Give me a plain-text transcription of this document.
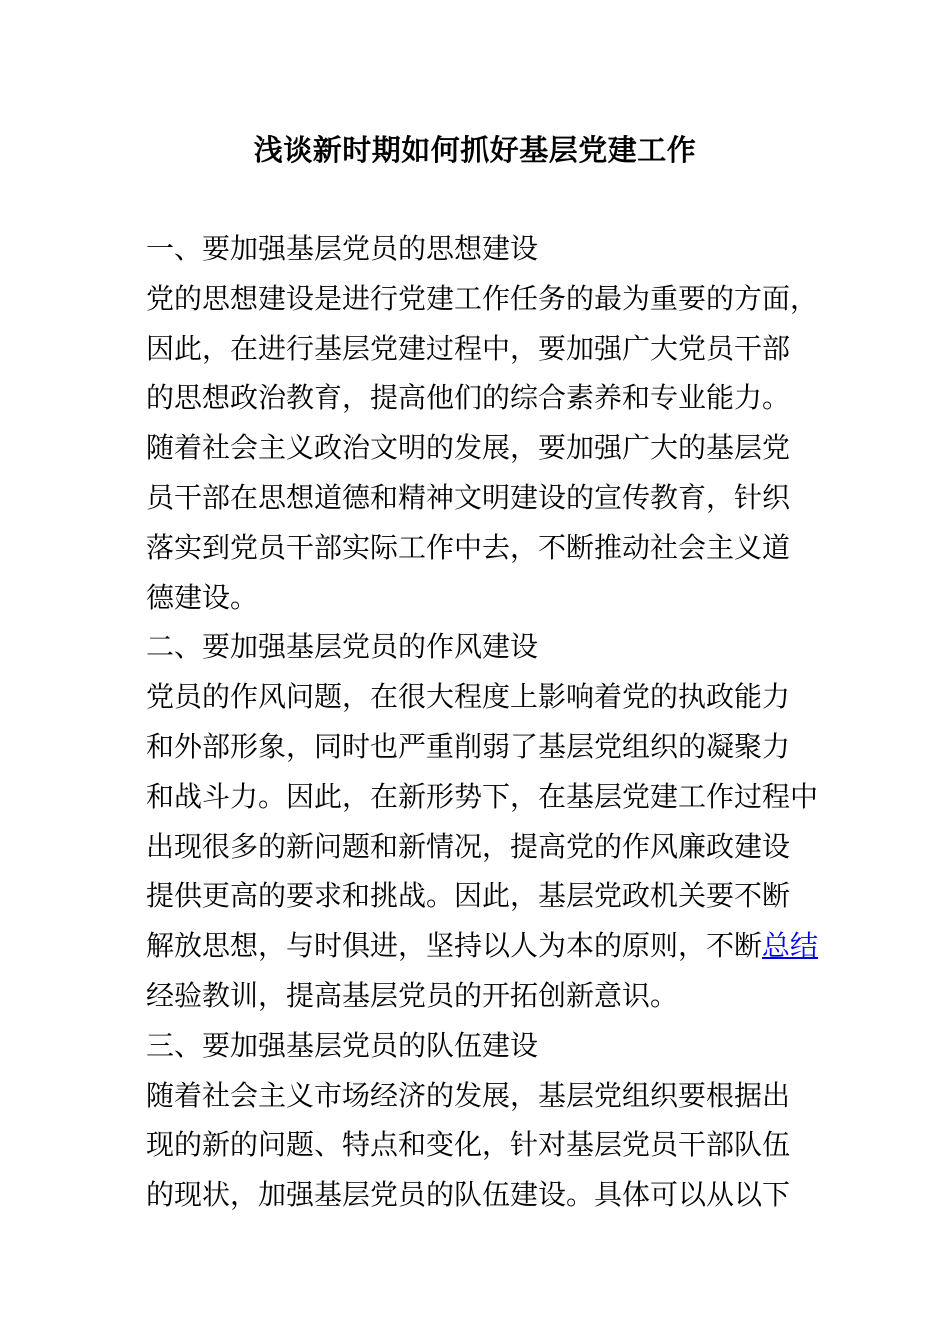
浅谈新时期如何抓好基层党建工作
一、要加强基层党员的思想建设
党的思想建设是进行党建工作任务的最为重要的方面，
因此，在进行基层党建过程中，要加强广大党员干部
的思想政治教育，提高他们的综合素养和专业能力。
随着社会主义政治文明的发展，要加强广大的基层党
员干部在思想道德和精神文明建设的宣传教育，针织
落实到党员干部实际工作中去，不断推动社会主义道
德建设。
二、要加强基层党员的作风建设
党员的作风问题，在很大程度上影响着党的执政能力
和外部形象，同时也严重削弱了基层党组织的凝聚力
和战斗力。因此，在新形势下，在基层党建工作过程中
出现很多的新问题和新情况，提高党的作风廉政建设
提供更高的要求和挑战。因此，基层党政机关要不断
解放思想，与时俱进，坚持以人为本的原则，不断总结
经验教训，提高基层党员的开拓创新意识。
三、要加强基层党员的队伍建设
随着社会主义市场经济的发展，基层党组织要根据出
现的新的问题、特点和变化，针对基层党员干部队伍
的现状，加强基层党员的队伍建设。具体可以从以下
